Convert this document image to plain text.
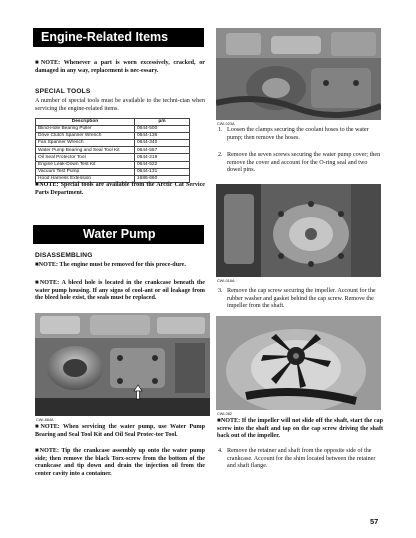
Engine-Related Items
■NOTE: Whenever a part is worn excessively, cracked, or damaged in any way, replacement is nec-essary.
SPECIAL TOOLS
A number of special tools must be available to the techni-cian when servicing the engine-related items.
Description	p/n
Blind-Hole Bearing Puller	0644-500
Drive Clutch Spanner Wrench	0644-136
Fan Spanner Wrench	0644-340
Water Pump Bearing and Seal Tool Kit	0644-557
Oil Seal Protector Tool	0644-219
Engine Leak-Down Test Kit	0644-522
Vacuum Test Pump	0644-131
Hood Harness Extension	1686-660
■NOTE: Special tools are available from the Arctic Cat Service Parts Department.
Water Pump
DISASSEMBLING
■NOTE: The engine must be removed for this proce-dure.
■NOTE: A bleed hole is located in the crankcase beneath the water pump housing. If any signs of cool-ant or oil leakage from the bleed hole exist, the seals must be replaced.
CWI-884A
■NOTE: When servicing the water pump, use Water Pump Bearing and Seal Tool Kit and Oil Seal Protec-tor Tool.
■NOTE: Tip the crankcase assembly up onto the water pump side; then remove the black Torx-screw from the bottom of the crankcase and tip down and drain the injection oil from the center cavity into a container.
CWI-023A
1. Loosen the clamps securing the coolant hoses to the water pump; then remove the hoses.
2. Remove the seven screws securing the water pump cover; then remove the cover and account for the O-ring seal and two dowel pins.
CWI-016A
3. Remove the cap screw securing the impeller. Account for the rubber washer and gasket behind the cap screw. Remove the impeller from the shaft.
CWI-082
■NOTE: If the impeller will not slide off the shaft, start the cap screw into the shaft and tap on the cap screw driving the shaft back out of the impeller.
4. Remove the retainer and shaft from the opposite side of the crankcase. Account for the shim located between the retainer and shaft flange.
57
